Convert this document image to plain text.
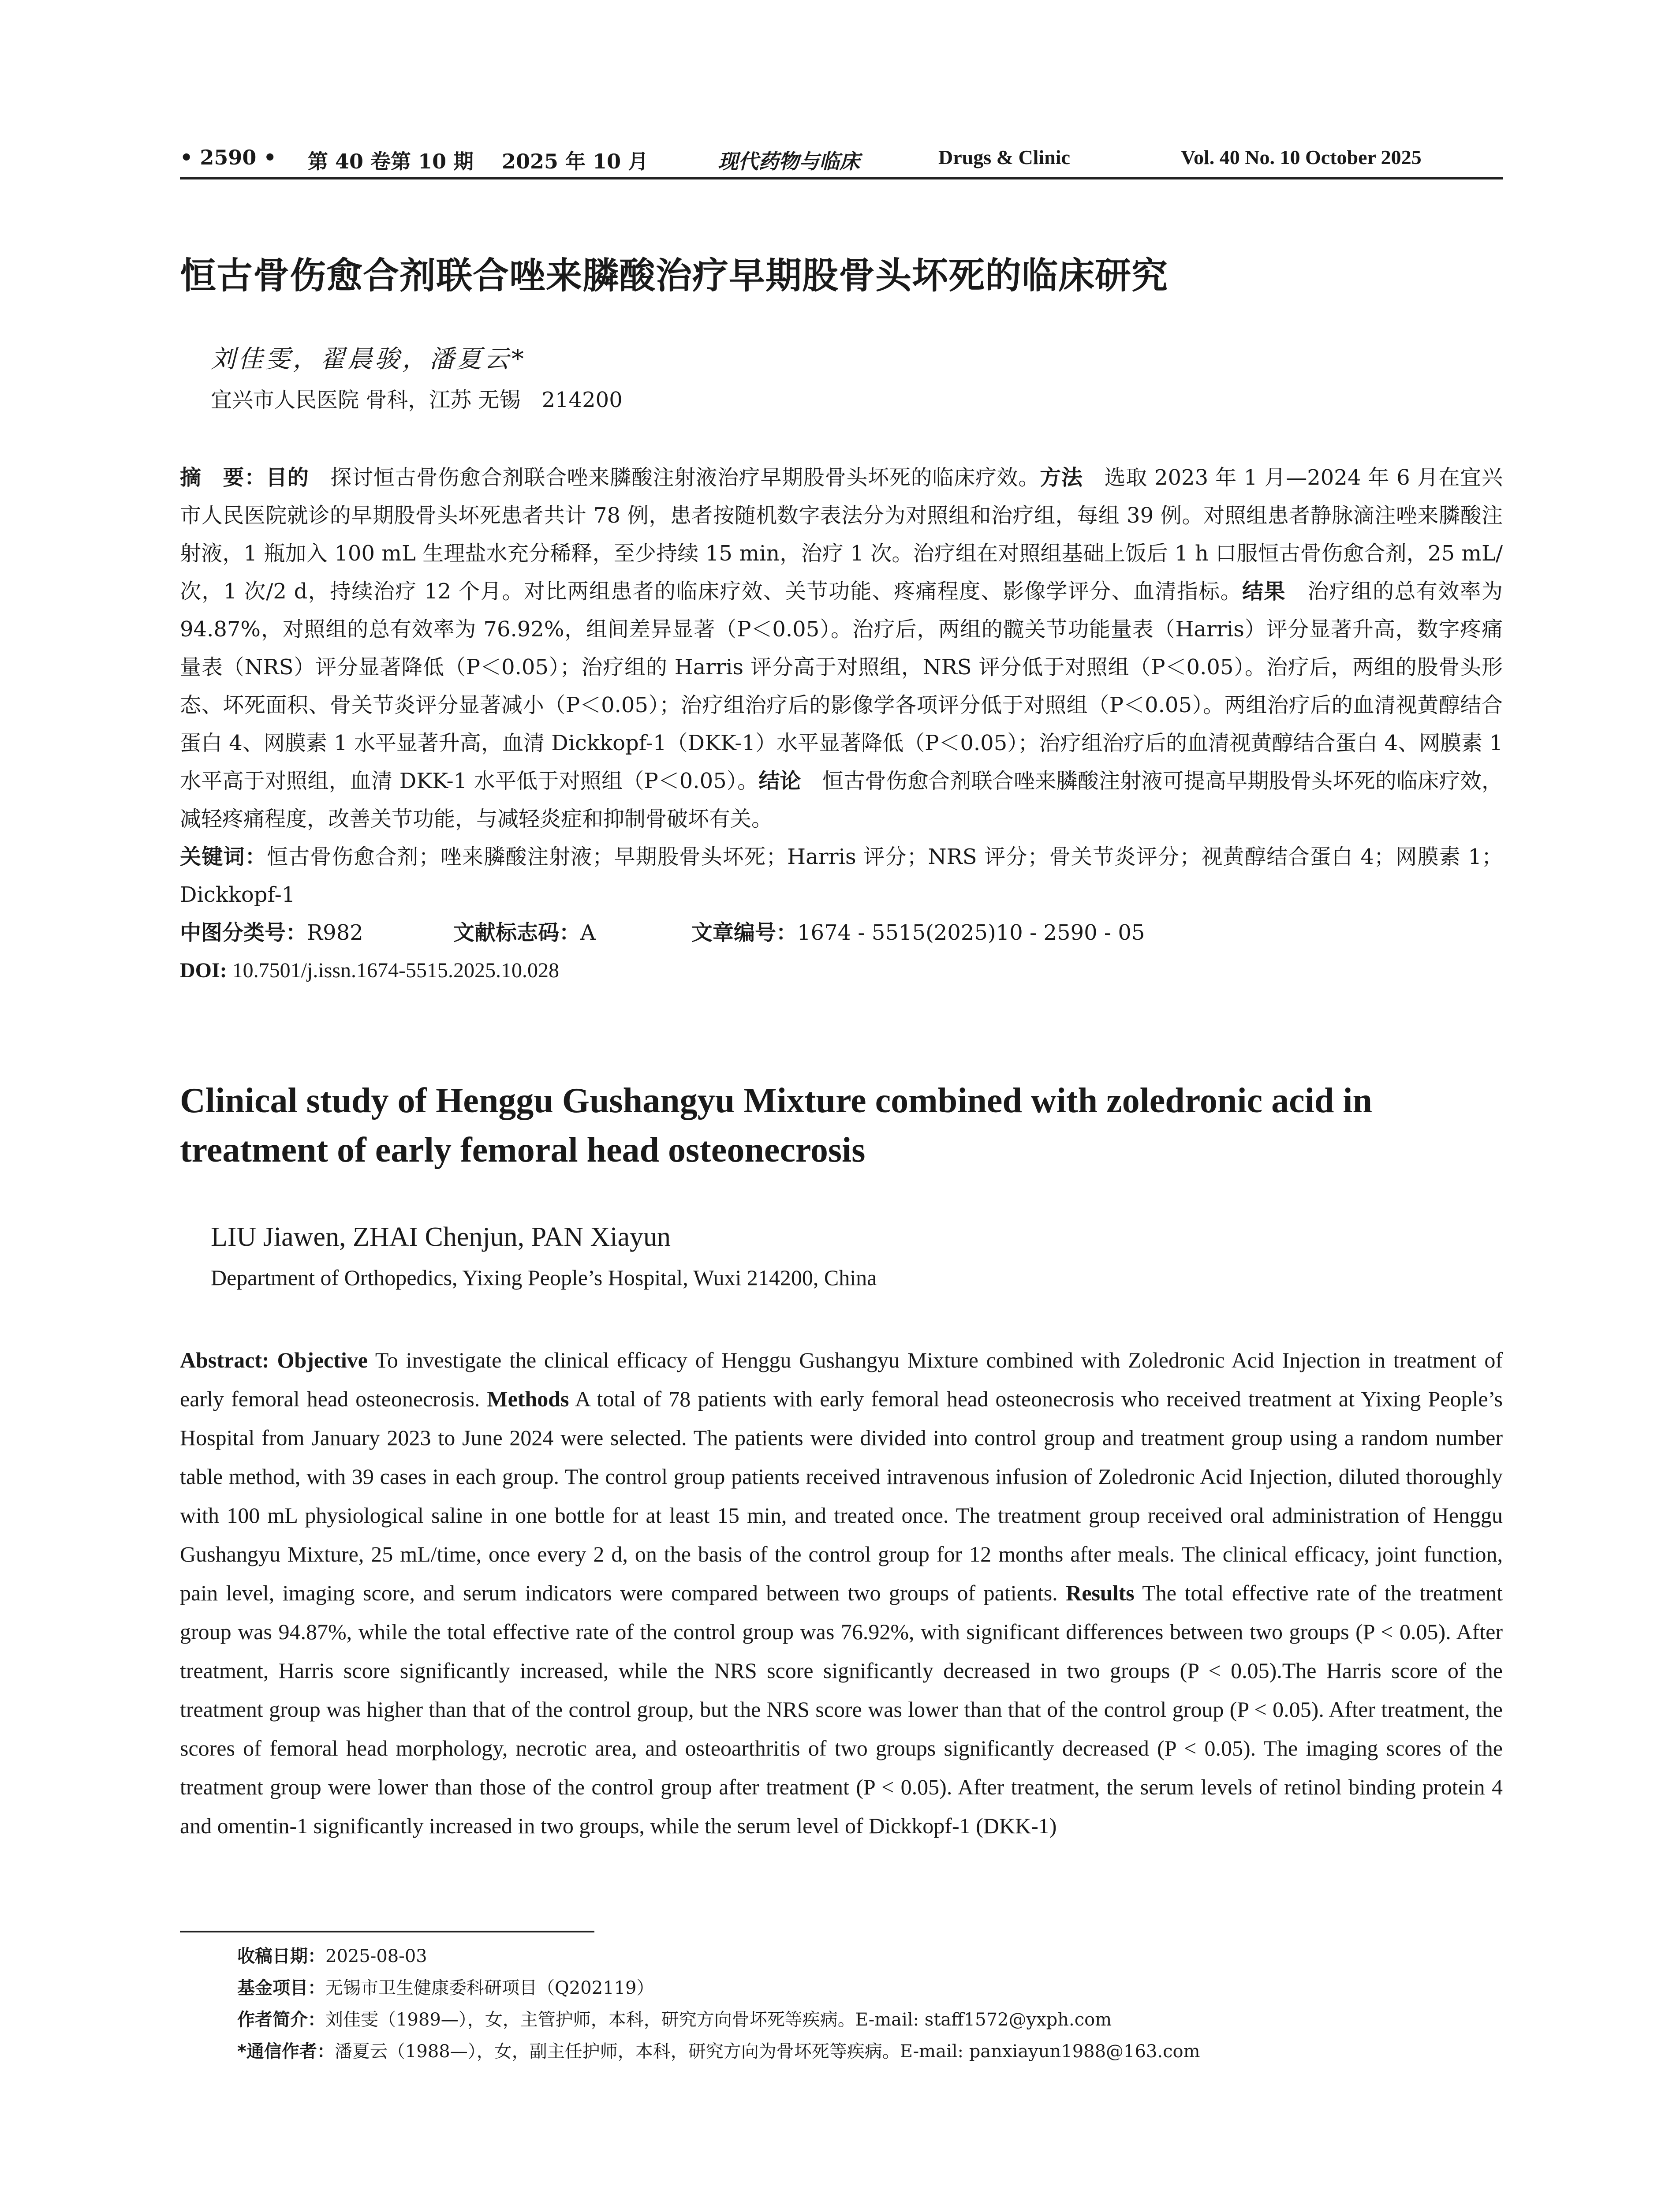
• 2590 • 第 40 卷第 10 期 2025 年 10 月	现代药物与临床	Drugs & Clinic	Vol. 40 No. 10 October 2025
恒古骨伤愈合剂联合唑来膦酸治疗早期股骨头坏死的临床研究
刘佳雯，翟晨骏，潘夏云*
宜兴市人民医院 骨科，江苏 无锡　214200
摘　要：目的　探讨恒古骨伤愈合剂联合唑来膦酸注射液治疗早期股骨头坏死的临床疗效。方法　选取 2023 年 1 月—2024 年 6 月在宜兴市人民医院就诊的早期股骨头坏死患者共计 78 例，患者按随机数字表法分为对照组和治疗组，每组 39 例。对照组患者静脉滴注唑来膦酸注射液，1 瓶加入 100 mL 生理盐水充分稀释，至少持续 15 min，治疗 1 次。治疗组在对照组基础上饭后 1 h 口服恒古骨伤愈合剂，25 mL/次，1 次/2 d，持续治疗 12 个月。对比两组患者的临床疗效、关节功能、疼痛程度、影像学评分、血清指标。结果　治疗组的总有效率为 94.87%，对照组的总有效率为 76.92%，组间差异显著（P＜0.05）。治疗后，两组的髋关节功能量表（Harris）评分显著升高，数字疼痛量表（NRS）评分显著降低（P＜0.05）；治疗组的 Harris 评分高于对照组，NRS 评分低于对照组（P＜0.05）。治疗后，两组的股骨头形态、坏死面积、骨关节炎评分显著减小（P＜0.05）；治疗组治疗后的影像学各项评分低于对照组（P＜0.05）。两组治疗后的血清视黄醇结合蛋白 4、网膜素 1 水平显著升高，血清 Dickkopf-1（DKK-1）水平显著降低（P＜0.05）；治疗组治疗后的血清视黄醇结合蛋白 4、网膜素 1 水平高于对照组，血清 DKK-1 水平低于对照组（P＜0.05）。结论　恒古骨伤愈合剂联合唑来膦酸注射液可提高早期股骨头坏死的临床疗效，减轻疼痛程度，改善关节功能，与减轻炎症和抑制骨破坏有关。
关键词：恒古骨伤愈合剂；唑来膦酸注射液；早期股骨头坏死；Harris 评分；NRS 评分；骨关节炎评分；视黄醇结合蛋白 4；网膜素 1；Dickkopf-1
中图分类号：R982	文献标志码：A	文章编号：1674 - 5515(2025)10 - 2590 - 05
DOI: 10.7501/j.issn.1674-5515.2025.10.028
Clinical study of Henggu Gushangyu Mixture combined with zoledronic acid in treatment of early femoral head osteonecrosis
LIU Jiawen, ZHAI Chenjun, PAN Xiayun
Department of Orthopedics, Yixing People’s Hospital, Wuxi 214200, China
Abstract: Objective To investigate the clinical efficacy of Henggu Gushangyu Mixture combined with Zoledronic Acid Injection in treatment of early femoral head osteonecrosis. Methods A total of 78 patients with early femoral head osteonecrosis who received treatment at Yixing People’s Hospital from January 2023 to June 2024 were selected. The patients were divided into control group and treatment group using a random number table method, with 39 cases in each group. The control group patients received intravenous infusion of Zoledronic Acid Injection, diluted thoroughly with 100 mL physiological saline in one bottle for at least 15 min, and treated once. The treatment group received oral administration of Henggu Gushangyu Mixture, 25 mL/time, once every 2 d, on the basis of the control group for 12 months after meals. The clinical efficacy, joint function, pain level, imaging score, and serum indicators were compared between two groups of patients. Results The total effective rate of the treatment group was 94.87%, while the total effective rate of the control group was 76.92%, with significant differences between two groups (P < 0.05). After treatment, Harris score significantly increased, while the NRS score significantly decreased in two groups (P < 0.05).The Harris score of the treatment group was higher than that of the control group, but the NRS score was lower than that of the control group (P < 0.05). After treatment, the scores of femoral head morphology, necrotic area, and osteoarthritis of two groups significantly decreased (P < 0.05). The imaging scores of the treatment group were lower than those of the control group after treatment (P < 0.05). After treatment, the serum levels of retinol binding protein 4 and omentin-1 significantly increased in two groups, while the serum level of Dickkopf-1 (DKK-1)
收稿日期：2025-08-03
基金项目：无锡市卫生健康委科研项目（Q202119）
作者简介：刘佳雯（1989—），女，主管护师，本科，研究方向骨坏死等疾病。E-mail: staff1572@yxph.com
*通信作者：潘夏云（1988—），女，副主任护师，本科，研究方向为骨坏死等疾病。E-mail: panxiayun1988@163.com
